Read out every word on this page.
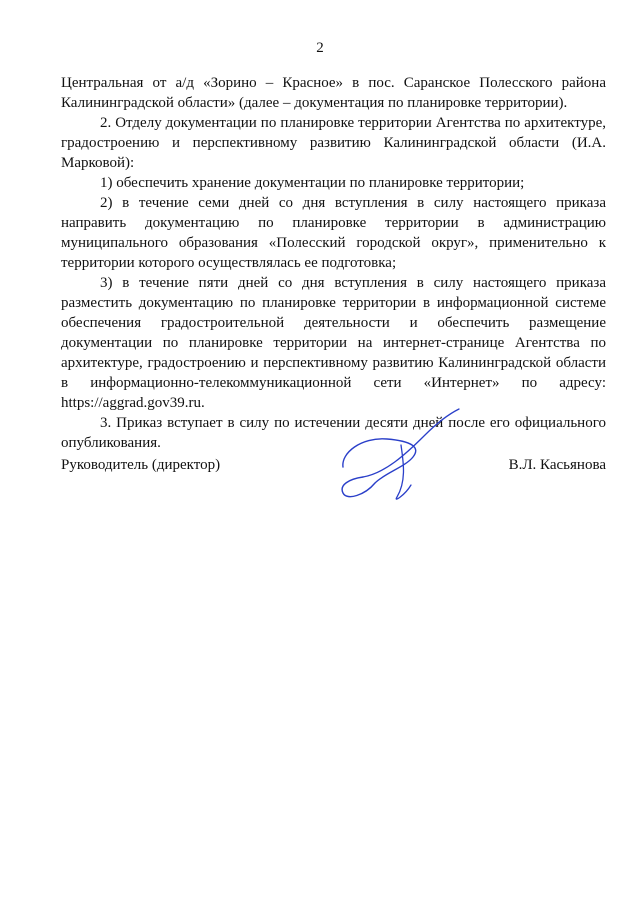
2

Центральная от а/д «Зорино – Красное» в пос. Саранское Полесского района Калининградской области» (далее – документация по планировке территории).

2. Отделу документации по планировке территории Агентства по архитектуре, градостроению и перспективному развитию Калининградской области (И.А. Марковой):

1) обеспечить хранение документации по планировке территории;

2) в течение семи дней со дня вступления в силу настоящего приказа направить документацию по планировке территории в администрацию муниципального образования «Полесский городской округ», применительно к территории которого осуществлялась ее подготовка;

3) в течение пяти дней со дня вступления в силу настоящего приказа разместить документацию по планировке территории в информационной системе обеспечения градостроительной деятельности и обеспечить размещение документации по планировке территории на интернет-странице Агентства по архитектуре, градостроению и перспективному развитию Калининградской области в информационно-телекоммуникационной сети «Интернет» по адресу: https://aggrad.gov39.ru.

3. Приказ вступает в силу по истечении десяти дней после его официального опубликования.

Руководитель (директор)	В.Л. Касьянова
